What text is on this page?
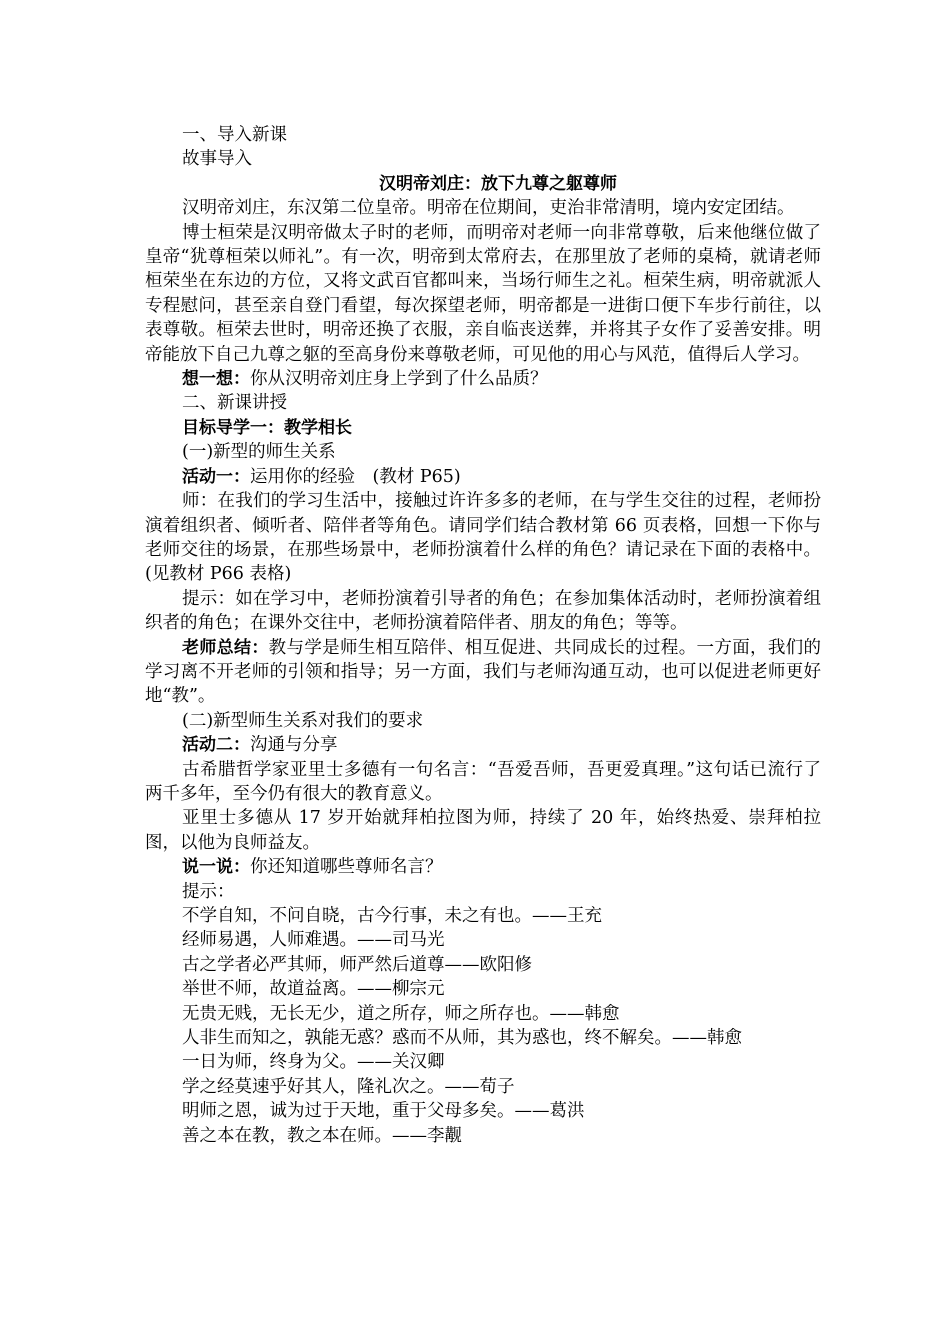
一、导入新课

故事导入

汉明帝刘庄：放下九尊之躯尊师

汉明帝刘庄，东汉第二位皇帝。明帝在位期间，吏治非常清明，境内安定团结。

博士桓荣是汉明帝做太子时的老师，而明帝对老师一向非常尊敬，后来他继位做了皇帝“犹尊桓荣以师礼”。有一次，明帝到太常府去，在那里放了老师的桌椅，就请老师桓荣坐在东边的方位，又将文武百官都叫来，当场行师生之礼。桓荣生病，明帝就派人专程慰问，甚至亲自登门看望，每次探望老师，明帝都是一进街口便下车步行前往，以表尊敬。桓荣去世时，明帝还换了衣服，亲自临丧送葬，并将其子女作了妥善安排。明帝能放下自己九尊之躯的至高身份来尊敬老师，可见他的用心与风范，值得后人学习。

想一想：你从汉明帝刘庄身上学到了什么品质？

二、新课讲授

目标导学一：教学相长

(一)新型的师生关系

活动一：运用你的经验　(教材 P65)

师：在我们的学习生活中，接触过许许多多的老师，在与学生交往的过程，老师扮演着组织者、倾听者、陪伴者等角色。请同学们结合教材第 66 页表格，回想一下你与老师交往的场景，在那些场景中，老师扮演着什么样的角色？请记录在下面的表格中。(见教材 P66 表格)

提示：如在学习中，老师扮演着引导者的角色；在参加集体活动时，老师扮演着组织者的角色；在课外交往中，老师扮演着陪伴者、朋友的角色；等等。

老师总结：教与学是师生相互陪伴、相互促进、共同成长的过程。一方面，我们的学习离不开老师的引领和指导；另一方面，我们与老师沟通互动，也可以促进老师更好地“教”。

(二)新型师生关系对我们的要求

活动二：沟通与分享

古希腊哲学家亚里士多德有一句名言：“吾爱吾师，吾更爱真理。”这句话已流行了两千多年，至今仍有很大的教育意义。

亚里士多德从 17 岁开始就拜柏拉图为师，持续了 20 年，始终热爱、崇拜柏拉图，以他为良师益友。

说一说：你还知道哪些尊师名言？

提示：

不学自知，不问自晓，古今行事，未之有也。——王充

经师易遇，人师难遇。——司马光

古之学者必严其师，师严然后道尊——欧阳修

举世不师，故道益离。——柳宗元

无贵无贱，无长无少，道之所存，师之所存也。——韩愈

人非生而知之，孰能无惑？惑而不从师，其为惑也，终不解矣。——韩愈

一日为师，终身为父。——关汉卿

学之经莫速乎好其人，隆礼次之。——荀子

明师之恩，诚为过于天地，重于父母多矣。——葛洪

善之本在教，教之本在师。——李觏
